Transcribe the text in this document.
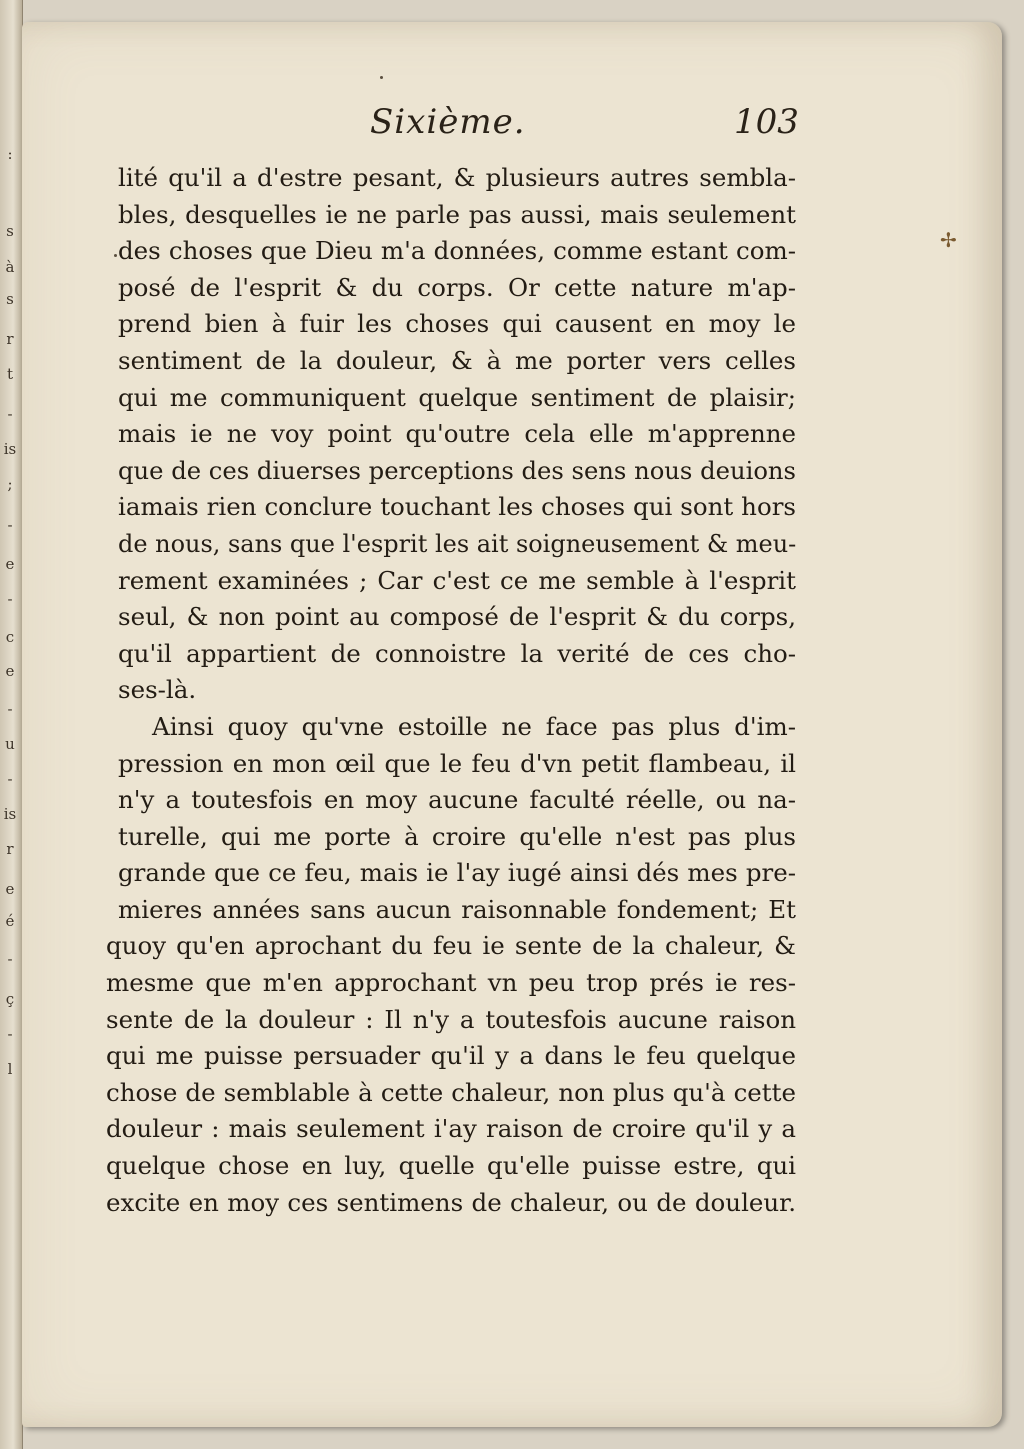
:
s
à
s
r
t
-
is
;
-
e
-
c
e
-
u
-
is
r
e
é
-
ç
-
l
Sixième.	103
✢
lité qu'il a d'estre pesant, & plusieurs autres sembla-
bles, desquelles ie ne parle pas aussi, mais seulement
des choses que Dieu m'a données, comme estant com-
posé de l'esprit & du corps. Or cette nature m'ap-
prend bien à fuir les choses qui causent en moy le
sentiment de la douleur, & à me porter vers celles
qui me communiquent quelque sentiment de plaisir;
mais ie ne voy point qu'outre cela elle m'apprenne
que de ces diuerses perceptions des sens nous deuions
iamais rien conclure touchant les choses qui sont hors
de nous, sans que l'esprit les ait soigneusement & meu-
rement examinées ; Car c'est ce me semble à l'esprit
seul, & non point au composé de l'esprit & du corps,
qu'il appartient de connoistre la verité de ces cho-
ses-là.
Ainsi quoy qu'vne estoille ne face pas plus d'im-
pression en mon œil que le feu d'vn petit flambeau, il
n'y a toutesfois en moy aucune faculté réelle, ou na-
turelle, qui me porte à croire qu'elle n'est pas plus
grande que ce feu, mais ie l'ay iugé ainsi dés mes pre-
mieres années sans aucun raisonnable fondement; Et
quoy qu'en aprochant du feu ie sente de la chaleur, &
mesme que m'en approchant vn peu trop prés ie res-
sente de la douleur : Il n'y a toutesfois aucune raison
qui me puisse persuader qu'il y a dans le feu quelque
chose de semblable à cette chaleur, non plus qu'à cette
douleur : mais seulement i'ay raison de croire qu'il y a
quelque chose en luy, quelle qu'elle puisse estre, qui
excite en moy ces sentimens de chaleur, ou de douleur.
